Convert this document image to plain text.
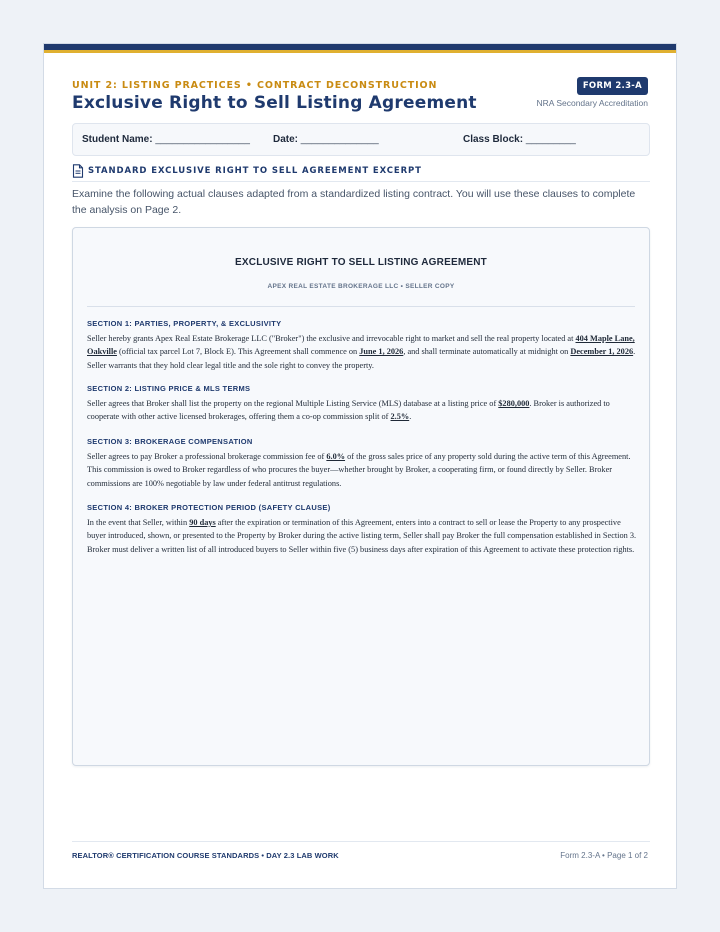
UNIT 2: LISTING PRACTICES • CONTRACT DECONSTRUCTION
Exclusive Right to Sell Listing Agreement
FORM 2.3-A
NRA Secondary Accreditation
Student Name: _________________ Date: ______________	Class Block: _________
STANDARD EXCLUSIVE RIGHT TO SELL AGREEMENT EXCERPT

Examine the following actual clauses adapted from a standardized listing contract. You will use these clauses to complete the analysis on Page 2.

EXCLUSIVE RIGHT TO SELL LISTING AGREEMENT
APEX REAL ESTATE BROKERAGE LLC • SELLER COPY
SECTION 1: PARTIES, PROPERTY, & EXCLUSIVITY
Seller hereby grants Apex Real Estate Brokerage LLC ("Broker") the exclusive and irrevocable right to market and sell the real property located at 404 Maple Lane, Oakville (official tax parcel Lot 7, Block E). This Agreement shall commence on June 1, 2026, and shall terminate automatically at midnight on December 1, 2026. Seller warrants that they hold clear legal title and the sole right to convey the property.
SECTION 2: LISTING PRICE & MLS TERMS
Seller agrees that Broker shall list the property on the regional Multiple Listing Service (MLS) database at a listing price of $280,000. Broker is authorized to cooperate with other active licensed brokerages, offering them a co-op commission split of 2.5%.
SECTION 3: BROKERAGE COMPENSATION
Seller agrees to pay Broker a professional brokerage commission fee of 6.0% of the gross sales price of any property sold during the active term of this Agreement. This commission is owed to Broker regardless of who procures the buyer—whether brought by Broker, a cooperating firm, or found directly by Seller. Broker commissions are 100% negotiable by law under federal antitrust regulations.
SECTION 4: BROKER PROTECTION PERIOD (SAFETY CLAUSE)
In the event that Seller, within 90 days after the expiration or termination of this Agreement, enters into a contract to sell or lease the Property to any prospective buyer introduced, shown, or presented to the Property by Broker during the active listing term, Seller shall pay Broker the full compensation established in Section 3. Broker must deliver a written list of all introduced buyers to Seller within five (5) business days after expiration of this Agreement to activate these protection rights.
REALTOR® CERTIFICATION COURSE STANDARDS • DAY 2.3 LAB WORK	Form 2.3-A • Page 1 of 2
